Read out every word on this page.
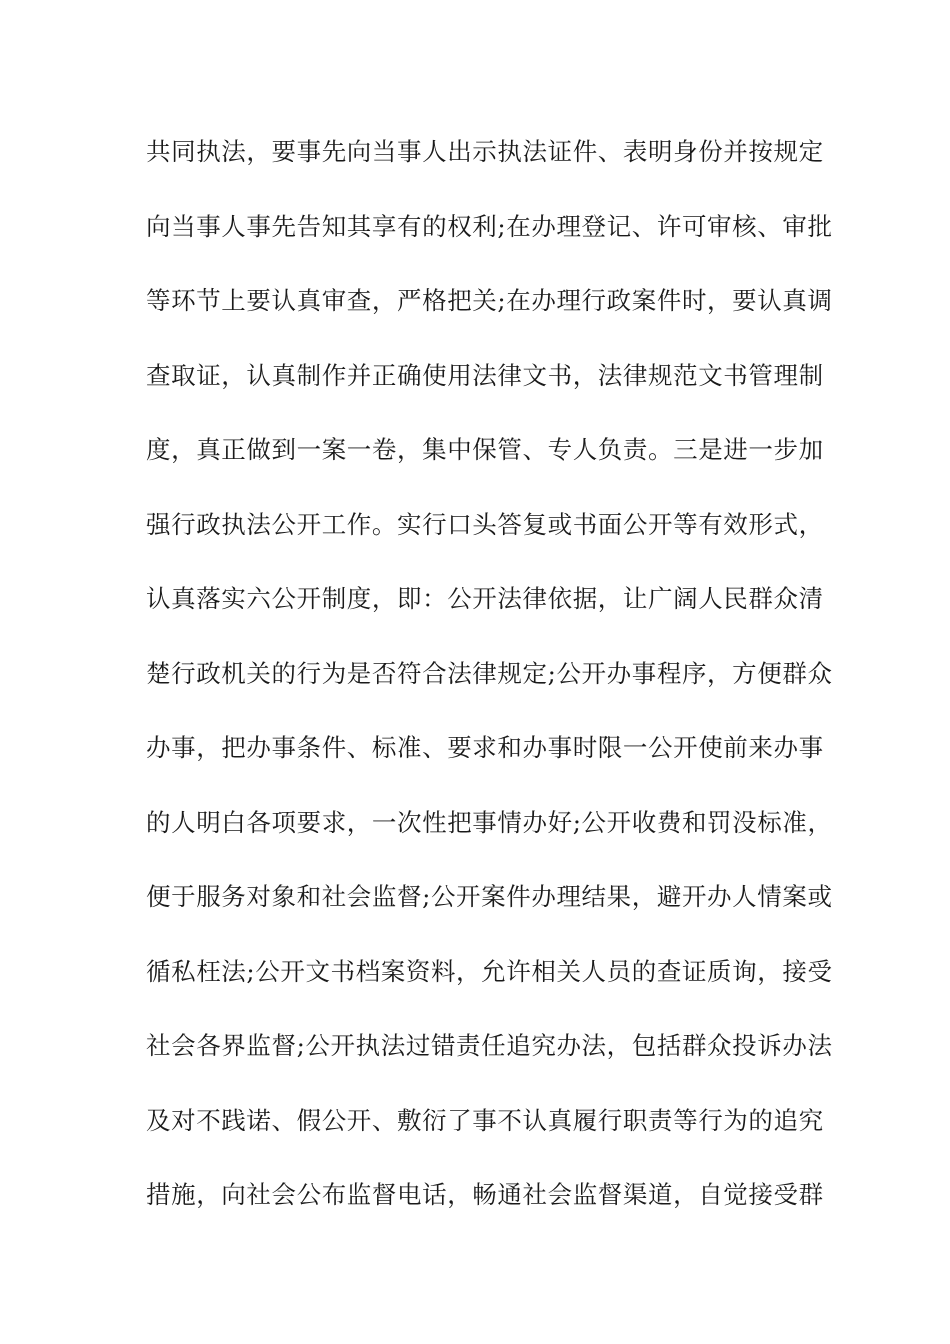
共同执法，要事先向当事人出示执法证件、表明身份并按规定
向当事人事先告知其享有的权利;在办理登记、许可审核、审批
等环节上要认真审查，严格把关;在办理行政案件时，要认真调
查取证，认真制作并正确使用法律文书，法律规范文书管理制
度，真正做到一案一卷，集中保管、专人负责。三是进一步加
强行政执法公开工作。实行口头答复或书面公开等有效形式，
认真落实六公开制度，即：公开法律依据，让广阔人民群众清
楚行政机关的行为是否符合法律规定;公开办事程序，方便群众
办事，把办事条件、标准、要求和办事时限一公开使前来办事
的人明白各项要求，一次性把事情办好;公开收费和罚没标准，
便于服务对象和社会监督;公开案件办理结果，避开办人情案或
循私枉法;公开文书档案资料，允许相关人员的查证质询，接受
社会各界监督;公开执法过错责任追究办法，包括群众投诉办法
及对不践诺、假公开、敷衍了事不认真履行职责等行为的追究
措施，向社会公布监督电话，畅通社会监督渠道，自觉接受群
